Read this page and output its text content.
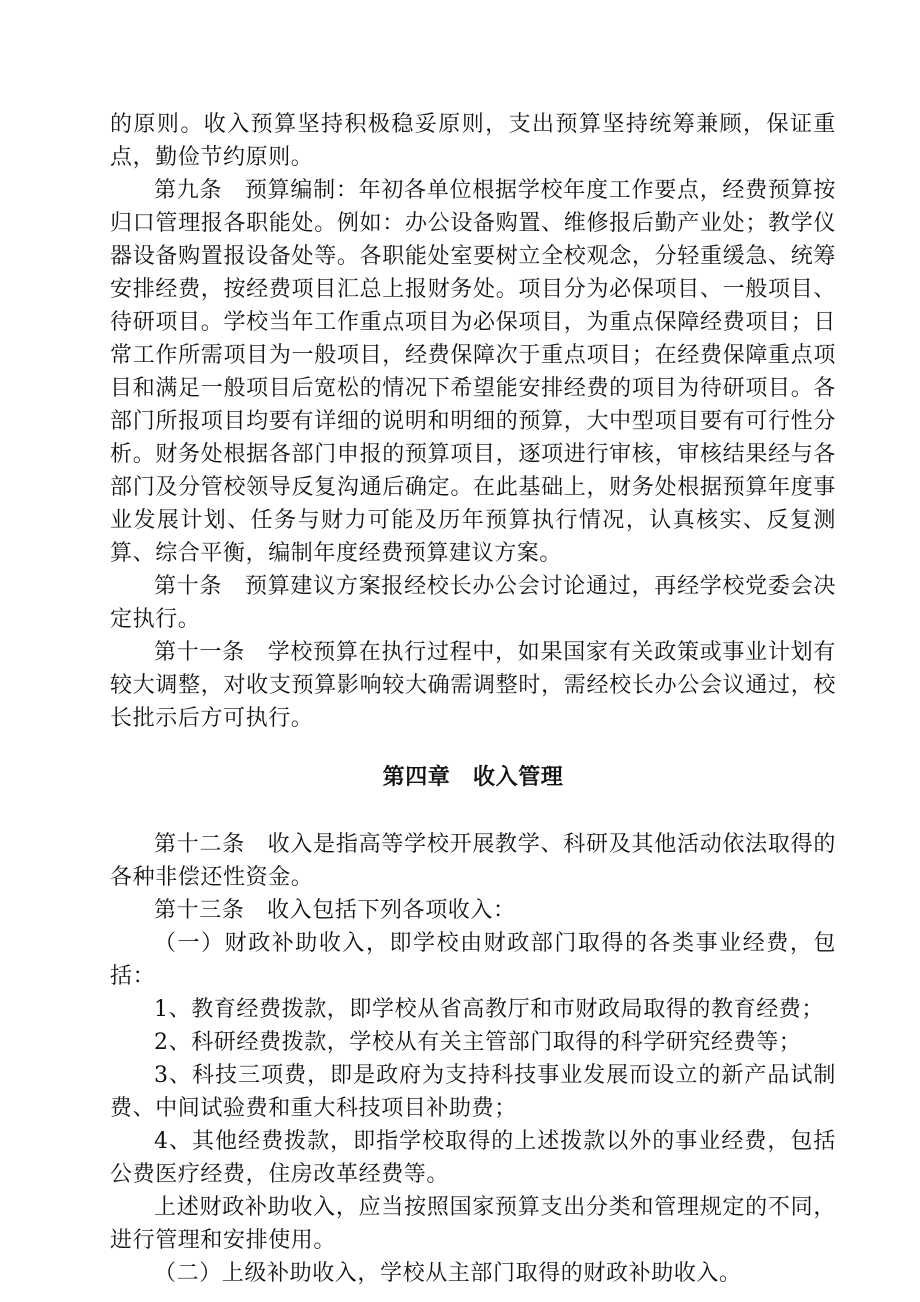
的原则。收入预算坚持积极稳妥原则，支出预算坚持统筹兼顾，保证重点，勤俭节约原则。

第九条　预算编制：年初各单位根据学校年度工作要点，经费预算按归口管理报各职能处。例如：办公设备购置、维修报后勤产业处；教学仪器设备购置报设备处等。各职能处室要树立全校观念，分轻重缓急、统筹安排经费，按经费项目汇总上报财务处。项目分为必保项目、一般项目、待研项目。学校当年工作重点项目为必保项目，为重点保障经费项目；日常工作所需项目为一般项目，经费保障次于重点项目；在经费保障重点项目和满足一般项目后宽松的情况下希望能安排经费的项目为待研项目。各部门所报项目均要有详细的说明和明细的预算，大中型项目要有可行性分析。财务处根据各部门申报的预算项目，逐项进行审核，审核结果经与各部门及分管校领导反复沟通后确定。在此基础上，财务处根据预算年度事业发展计划、任务与财力可能及历年预算执行情况，认真核实、反复测算、综合平衡，编制年度经费预算建议方案。

第十条　预算建议方案报经校长办公会讨论通过，再经学校党委会决定执行。

第十一条　学校预算在执行过程中，如果国家有关政策或事业计划有较大调整，对收支预算影响较大确需调整时，需经校长办公会议通过，校长批示后方可执行。

第四章　收入管理

第十二条　收入是指高等学校开展教学、科研及其他活动依法取得的各种非偿还性资金。

第十三条　收入包括下列各项收入：

（一）财政补助收入，即学校由财政部门取得的各类事业经费，包括：

1、教育经费拨款，即学校从省高教厅和市财政局取得的教育经费；

2、科研经费拨款，学校从有关主管部门取得的科学研究经费等；

3、科技三项费，即是政府为支持科技事业发展而设立的新产品试制费、中间试验费和重大科技项目补助费；

4、其他经费拨款，即指学校取得的上述拨款以外的事业经费，包括公费医疗经费，住房改革经费等。

上述财政补助收入，应当按照国家预算支出分类和管理规定的不同，进行管理和安排使用。

（二）上级补助收入，学校从主部门取得的财政补助收入。
